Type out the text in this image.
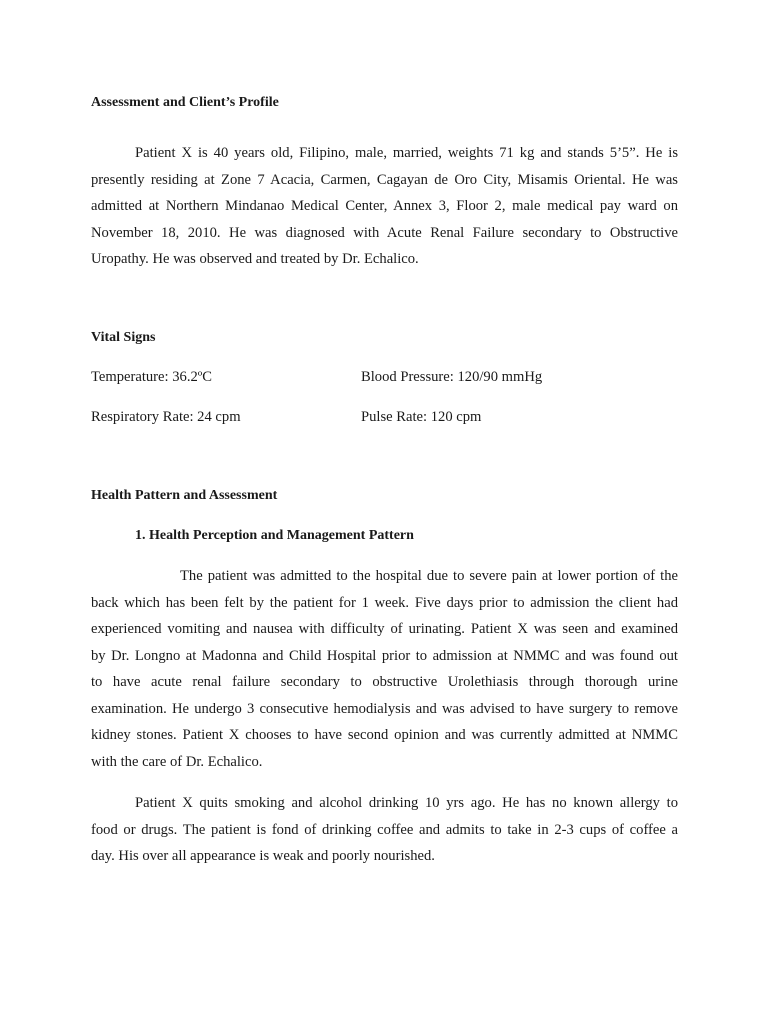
Assessment and Client’s Profile
Patient X is 40 years old, Filipino, male, married, weights 71 kg and stands 5’5”. He is
presently residing at Zone 7 Acacia, Carmen, Cagayan de Oro City, Misamis Oriental. He was
admitted at Northern Mindanao Medical Center, Annex 3, Floor 2, male medical pay ward on
November 18, 2010. He was diagnosed with Acute Renal Failure secondary to Obstructive
Uropathy. He was observed and treated by Dr. Echalico.
Vital Signs
Temperature: 36.2ºC	Blood Pressure: 120/90 mmHg
Respiratory Rate: 24 cpm	Pulse Rate: 120 cpm
Health Pattern and Assessment
1. Health Perception and Management Pattern
The patient was admitted to the hospital due to severe pain at lower portion of the
back which has been felt by the patient for 1 week. Five days prior to admission the client had
experienced vomiting and nausea with difficulty of urinating. Patient X was seen and examined
by Dr. Longno at Madonna and Child Hospital prior to admission at NMMC and was found out
to have acute renal failure secondary to obstructive Urolethiasis through thorough urine
examination. He undergo 3 consecutive hemodialysis and was advised to have surgery to remove
kidney stones. Patient X chooses to have second opinion and was currently admitted at NMMC
with the care of Dr. Echalico.
Patient X quits smoking and alcohol drinking 10 yrs ago. He has no known allergy to
food or drugs. The patient is fond of drinking coffee and admits to take in 2-3 cups of coffee a
day. His over all appearance is weak and poorly nourished.
